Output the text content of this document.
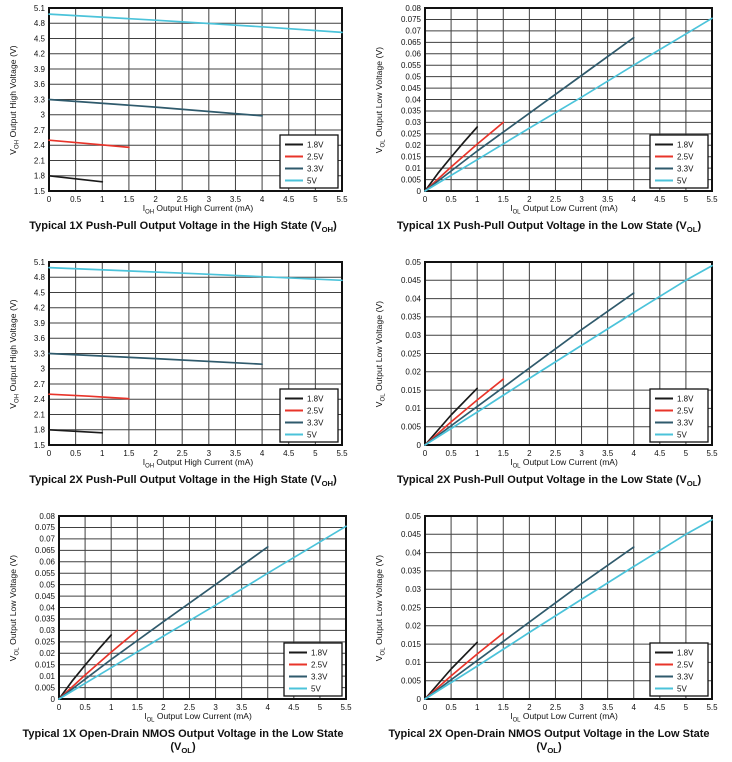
0 0.5 1 1.5 2 2.5 3 3.5 4 4.5 5 5.5
1.5
1.8
2.1
2.4
2.7
3
3.3
3.6
3.9
4.2
4.5
4.8
5.1
1.8V
2.5V
3.3V
5V
$V_{OH}$ Output High Voltage (V)
$I_{OH}$ Output High Current (mA)
Typical 1X Push-Pull Output Voltage in the High State $(V_{OH})$
0 0.5 1 1.5 2 2.5 3 3.5 4 4.5 5 5.5
0
0.005
0.01
0.015
0.02
0.025
0.03
0.035
0.04
0.045
0.05
0.055
0.06
0.065
0.07
0.075
0.08
1.8V
2.5V
3.3V
5V
$V_{OL}$ Output Low Voltage (V)
$I_{OL}$ Output Low Current (mA)
Typical 1X Push-Pull Output Voltage in the Low State $(V_{OL})$
0 0.5 1 1.5 2 2.5 3 3.5 4 4.5 5 5.5
1.5
1.8
2.1
2.4
2.7
3
3.3
3.6
3.9
4.2
4.5
4.8
5.1
1.8V
2.5V
3.3V
5V
$V_{OH}$ Output High Voltage (V)
$I_{OH}$ Output High Current (mA)
Typical 2X Push-Pull Output Voltage in the High State $(V_{OH})$
0 0.5 1 1.5 2 2.5 3 3.5 4 4.5 5 5.5
0
0.005
0.01
0.015
0.02
0.025
0.03
0.035
0.04
0.045
0.05
1.8V
2.5V
3.3V
5V
$V_{OL}$ Output Low Voltage (V)
$I_{OL}$ Output Low Current (mA)
Typical 2X Push-Pull Output Voltage in the Low State $(V_{OL})$
0 0.5 1 1.5 2 2.5 3 3.5 4 4.5 5 5.5
0
0.005
0.01
0.015
0.02
0.025
0.03
0.035
0.04
0.045
0.05
0.055
0.06
0.065
0.07
0.075
0.08
1.8V
2.5V
3.3V
5V
$V_{OL}$ Output Low Voltage (V)
$I_{OL}$ Output Low Current (mA)
Typical 1X Open-Drain NMOS Output Voltage in the Low State $(V_{OL})$
0 0.5 1 1.5 2 2.5 3 3.5 4 4.5 5 5.5
0
0.005
0.01
0.015
0.02
0.025
0.03
0.035
0.04
0.045
0.05
1.8V
2.5V
3.3V
5V
$V_{OL}$ Output Low Voltage (V)
$I_{OL}$ Output Low Current (mA)
Typical 2X Open-Drain NMOS Output Voltage in the Low State $(V_{OL})$
